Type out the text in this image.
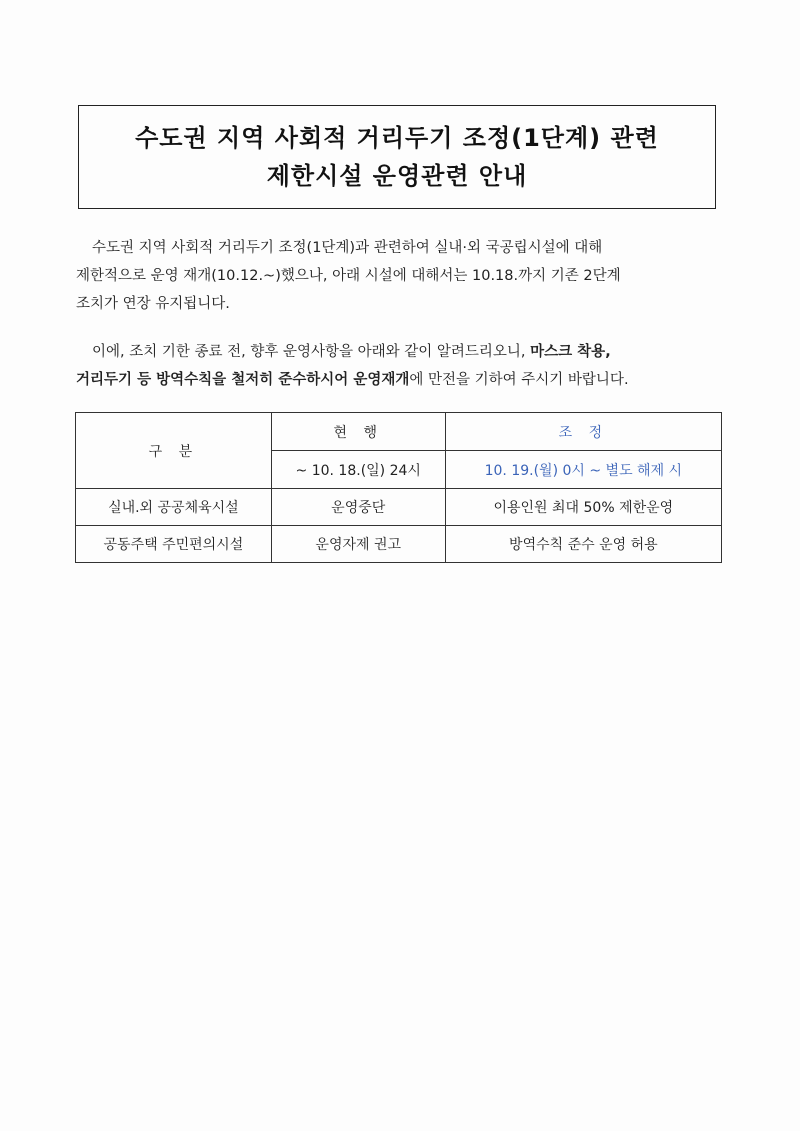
수도권 지역 사회적 거리두기 조정(1단계) 관련
제한시설 운영관련 안내
수도권 지역 사회적 거리두기 조정(1단계)과 관련하여 실내·외 국공립시설에 대해
제한적으로 운영 재개(10.12.~)했으나, 아래 시설에 대해서는 10.18.까지 기존 2단계
조치가 연장 유지됩니다.
이에, 조치 기한 종료 전, 향후 운영사항을 아래와 같이 알려드리오니, 마스크 착용,
거리두기 등 방역수칙을 철저히 준수하시어 운영재개에 만전을 기하여 주시기 바랍니다.
구 분	현 행	조 정
	~ 10. 18.(일) 24시	10. 19.(월) 0시 ~ 별도 해제 시
실내.외 공공체육시설	운영중단	이용인원 최대 50% 제한운영
공동주택 주민편의시설	운영자제 권고	방역수칙 준수 운영 허용
